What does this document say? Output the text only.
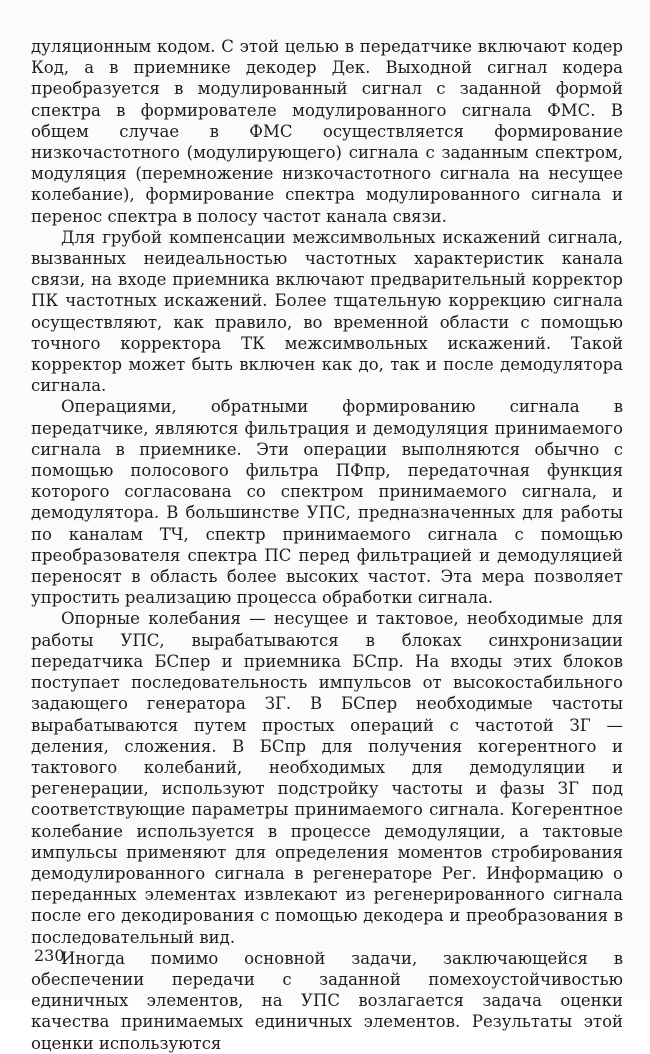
дуляционным кодом. С этой целью в передатчике включают кодер Код, а в приемнике декодер Дек. Выходной сигнал кодера преобразуется в модулированный сигнал с заданной формой спектра в формирователе модулированного сигнала ФМС. В общем случае в ФМС осуществляется формирование низкочастотного (модулирующего) сигнала с заданным спектром, модуляция (перемножение низкочастотного сигнала на несущее колебание), формирование спектра модулированного сигнала и перенос спектра в полосу частот канала связи.

Для грубой компенсации межсимвольных искажений сигнала, вызванных неидеальностью частотных характеристик канала связи, на входе приемника включают предварительный корректор ПК частотных искажений. Более тщательную коррекцию сигнала осуществляют, как правило, во временной области с помощью точного корректора ТК межсимвольных искажений. Такой корректор может быть включен как до, так и после демодулятора сигнала.

Операциями, обратными формированию сигнала в передатчике, являются фильтрация и демодуляция принимаемого сигнала в приемнике. Эти операции выполняются обычно с помощью полосового фильтра ПФпр, передаточная функция которого согласована со спектром принимаемого сигнала, и демодулятора. В большинстве УПС, предназначенных для работы по каналам ТЧ, спектр принимаемого сигнала с помощью преобразователя спектра ПС перед фильтрацией и демодуляцией переносят в область более высоких частот. Эта мера позволяет упростить реализацию процесса обработки сигнала.

Опорные колебания — несущее и тактовое, необходимые для работы УПС, вырабатываются в блоках синхронизации передатчика БСпер и приемника БСпр. На входы этих блоков поступает последовательность импульсов от высокостабильного задающего генератора ЗГ. В БСпер необходимые частоты вырабатываются путем простых операций с частотой ЗГ — деления, сложения. В БСпр для получения когерентного и тактового колебаний, необходимых для демодуляции и регенерации, используют подстройку частоты и фазы ЗГ под соответствующие параметры принимаемого сигнала. Когерентное колебание используется в процессе демодуляции, а тактовые импульсы применяют для определения моментов стробирования демодулированного сигнала в регенераторе Рег. Информацию о переданных элементах извлекают из регенерированного сигнала после его декодирования с помощью декодера и преобразования в последовательный вид.

Иногда помимо основной задачи, заключающейся в обеспечении передачи с заданной помехоустойчивостью единичных элементов, на УПС возлагается задача оценки качества принимаемых единичных элементов. Результаты этой оценки используются

230
